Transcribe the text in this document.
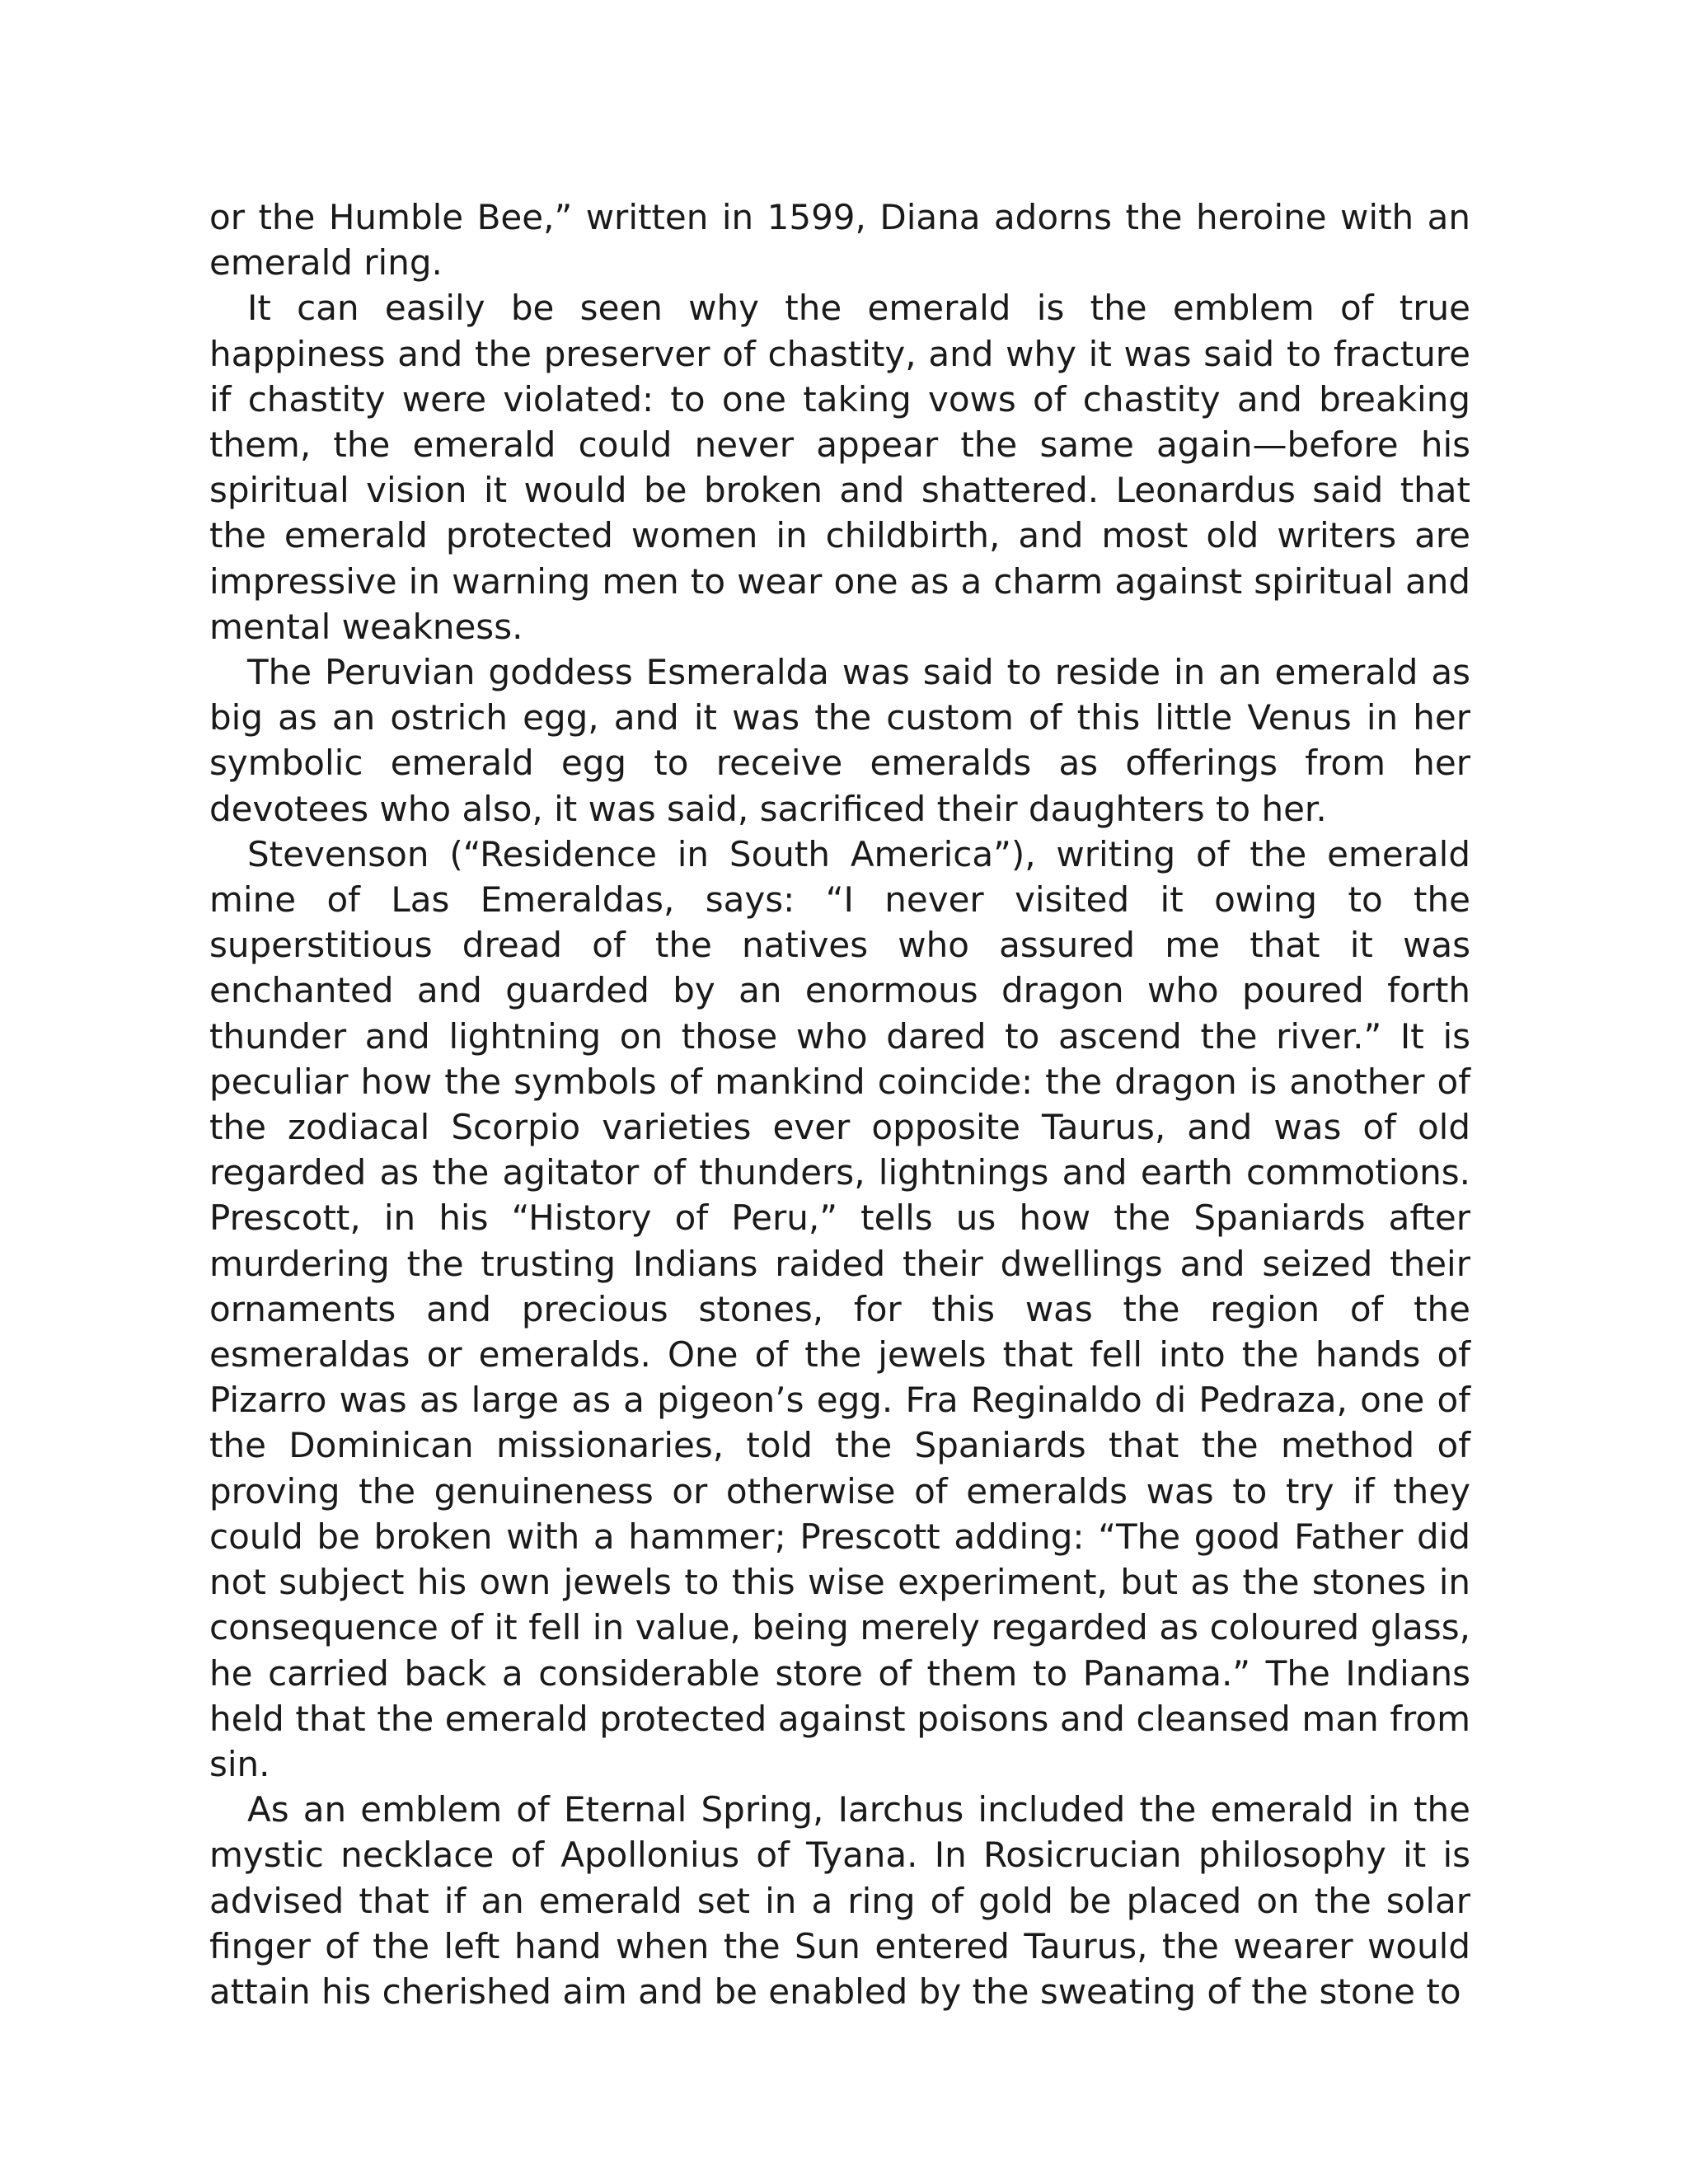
or the Humble Bee,” written in 1599, Diana adorns the heroine with an emerald ring.

It can easily be seen why the emerald is the emblem of true happiness and the preserver of chastity, and why it was said to fracture if chastity were violated: to one taking vows of chastity and breaking them, the emerald could never appear the same again—before his spiritual vision it would be broken and shattered. Leonardus said that the emerald protected women in childbirth, and most old writers are impressive in warning men to wear one as a charm against spiritual and mental weakness.

The Peruvian goddess Esmeralda was said to reside in an emerald as big as an ostrich egg, and it was the custom of this little Venus in her symbolic emerald egg to receive emeralds as offerings from her devotees who also, it was said, sacrificed their daughters to her.

Stevenson (“Residence in South America”), writing of the emerald mine of Las Emeraldas, says: “I never visited it owing to the superstitious dread of the natives who assured me that it was enchanted and guarded by an enormous dragon who poured forth thunder and lightning on those who dared to ascend the river.” It is peculiar how the symbols of mankind coincide: the dragon is another of the zodiacal Scorpio varieties ever opposite Taurus, and was of old regarded as the agitator of thunders, lightnings and earth commotions. Prescott, in his “History of Peru,” tells us how the Spaniards after murdering the trusting Indians raided their dwellings and seized their ornaments and precious stones, for this was the region of the esmeraldas or emeralds. One of the jewels that fell into the hands of Pizarro was as large as a pigeon’s egg. Fra Reginaldo di Pedraza, one of the Dominican missionaries, told the Spaniards that the method of proving the genuineness or otherwise of emeralds was to try if they could be broken with a hammer; Prescott adding: “The good Father did not subject his own jewels to this wise experiment, but as the stones in consequence of it fell in value, being merely regarded as coloured glass, he carried back a considerable store of them to Panama.” The Indians held that the emerald protected against poisons and cleansed man from sin.

As an emblem of Eternal Spring, Iarchus included the emerald in the mystic necklace of Apollonius of Tyana. In Rosicrucian philosophy it is advised that if an emerald set in a ring of gold be placed on the solar finger of the left hand when the Sun entered Taurus, the wearer would attain his cherished aim and be enabled by the sweating of the stone to
